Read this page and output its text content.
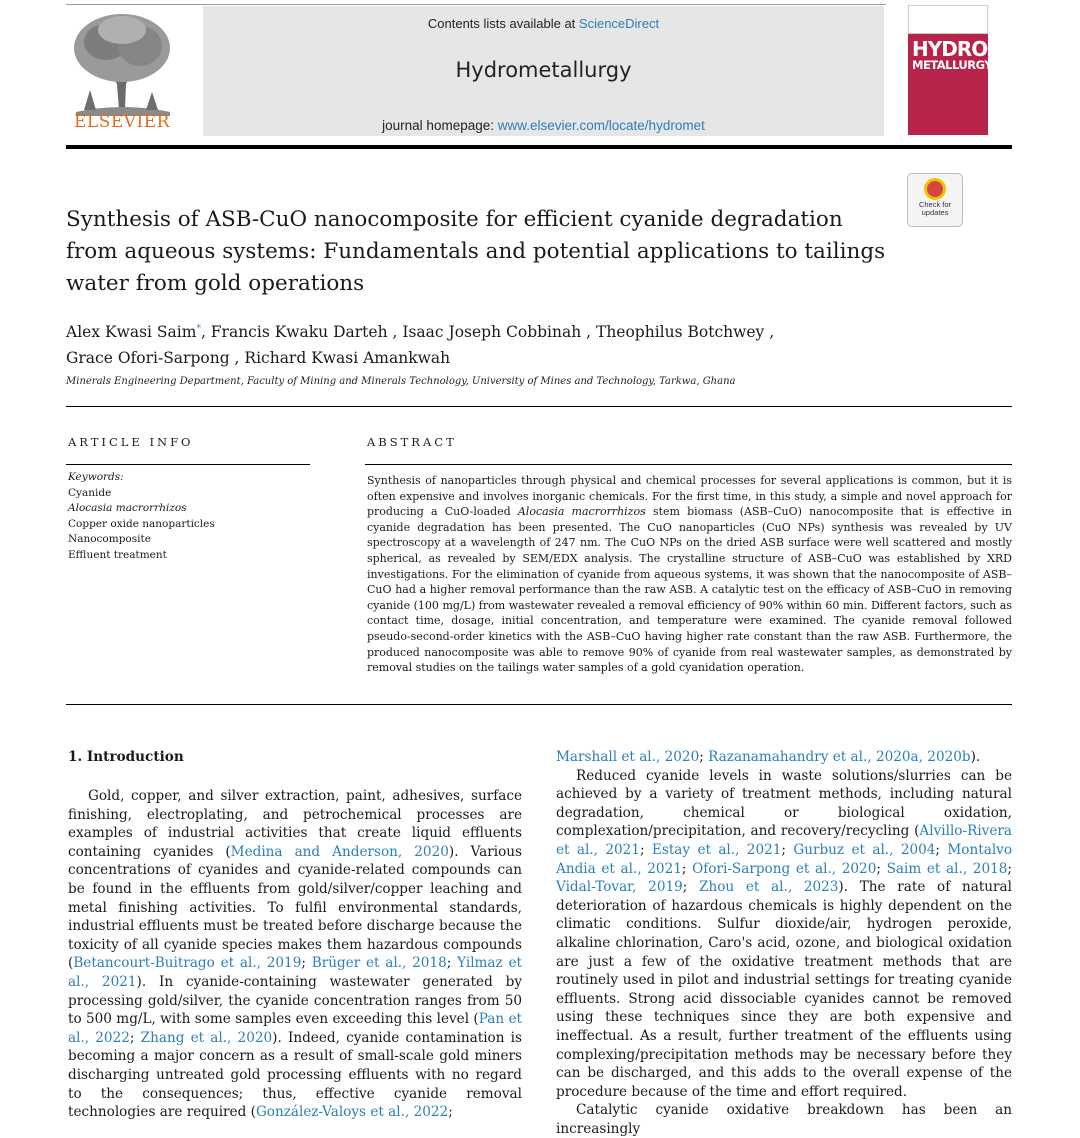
ELSEVIER
Contents lists available at ScienceDirect
Hydrometallurgy
journal homepage: www.elsevier.com/locate/hydromet
HYDRO
METALLURGY
Check for updates
Synthesis of ASB-CuO nanocomposite for efficient cyanide degradation from aqueous systems: Fundamentals and potential applications to tailings water from gold operations
Alex Kwasi Saim*, Francis Kwaku Darteh , Isaac Joseph Cobbinah , Theophilus Botchwey ,
Grace Ofori-Sarpong , Richard Kwasi Amankwah
Minerals Engineering Department, Faculty of Mining and Minerals Technology, University of Mines and Technology, Tarkwa, Ghana
ARTICLE INFO	ABSTRACT
Keywords:
Cyanide
Alocasia macrorrhizos
Copper oxide nanoparticles
Nanocomposite
Effluent treatment
Synthesis of nanoparticles through physical and chemical processes for several applications is common, but it is often expensive and involves inorganic chemicals. For the first time, in this study, a simple and novel approach for producing a CuO-loaded Alocasia macrorrhizos stem biomass (ASB–CuO) nanocomposite that is effective in cyanide degradation has been presented. The CuO nanoparticles (CuO NPs) synthesis was revealed by UV spectroscopy at a wavelength of 247 nm. The CuO NPs on the dried ASB surface were well scattered and mostly spherical, as revealed by SEM/EDX analysis. The crystalline structure of ASB–CuO was established by XRD investigations. For the elimination of cyanide from aqueous systems, it was shown that the nanocomposite of ASB–CuO had a higher removal performance than the raw ASB. A catalytic test on the efficacy of ASB–CuO in removing cyanide (100 mg/L) from wastewater revealed a removal efficiency of 90% within 60 min. Different factors, such as contact time, dosage, initial concentration, and temperature were examined. The cyanide removal followed pseudo-second-order kinetics with the ASB–CuO having higher rate constant than the raw ASB. Furthermore, the produced nanocomposite was able to remove 90% of cyanide from real wastewater samples, as demonstrated by removal studies on the tailings water samples of a gold cyanidation operation.
1. Introduction

Gold, copper, and silver extraction, paint, adhesives, surface finishing, electroplating, and petrochemical processes are examples of industrial activities that create liquid effluents containing cyanides (Medina and Anderson, 2020). Various concentrations of cyanides and cyanide-related compounds can be found in the effluents from gold/silver/copper leaching and metal finishing activities. To fulfil environmental standards, industrial effluents must be treated before discharge because the toxicity of all cyanide species makes them hazardous compounds (Betancourt-Buitrago et al., 2019; Brüger et al., 2018; Yilmaz et al., 2021). In cyanide-containing wastewater generated by processing gold/silver, the cyanide concentration ranges from 50 to 500 mg/L, with some samples even exceeding this level (Pan et al., 2022; Zhang et al., 2020). Indeed, cyanide contamination is becoming a major concern as a result of small-scale gold miners discharging untreated gold processing effluents with no regard to the consequences; thus, effective cyanide removal technologies are required (González-Valoys et al., 2022;

Marshall et al., 2020; Razanamahandry et al., 2020a, 2020b).

Reduced cyanide levels in waste solutions/slurries can be achieved by a variety of treatment methods, including natural degradation, chemical or biological oxidation, complexation/precipitation, and recovery/recycling (Alvillo-Rivera et al., 2021; Estay et al., 2021; Gurbuz et al., 2004; Montalvo Andia et al., 2021; Ofori-Sarpong et al., 2020; Saim et al., 2018; Vidal-Tovar, 2019; Zhou et al., 2023). The rate of natural deterioration of hazardous chemicals is highly dependent on the climatic conditions. Sulfur dioxide/air, hydrogen peroxide, alkaline chlorination, Caro's acid, ozone, and biological oxidation are just a few of the oxidative treatment methods that are routinely used in pilot and industrial settings for treating cyanide effluents. Strong acid dissociable cyanides cannot be removed using these techniques since they are both expensive and ineffectual. As a result, further treatment of the effluents using complexing/precipitation methods may be necessary before they can be discharged, and this adds to the overall expense of the procedure because of the time and effort required.

Catalytic cyanide oxidative breakdown has been an increasingly
